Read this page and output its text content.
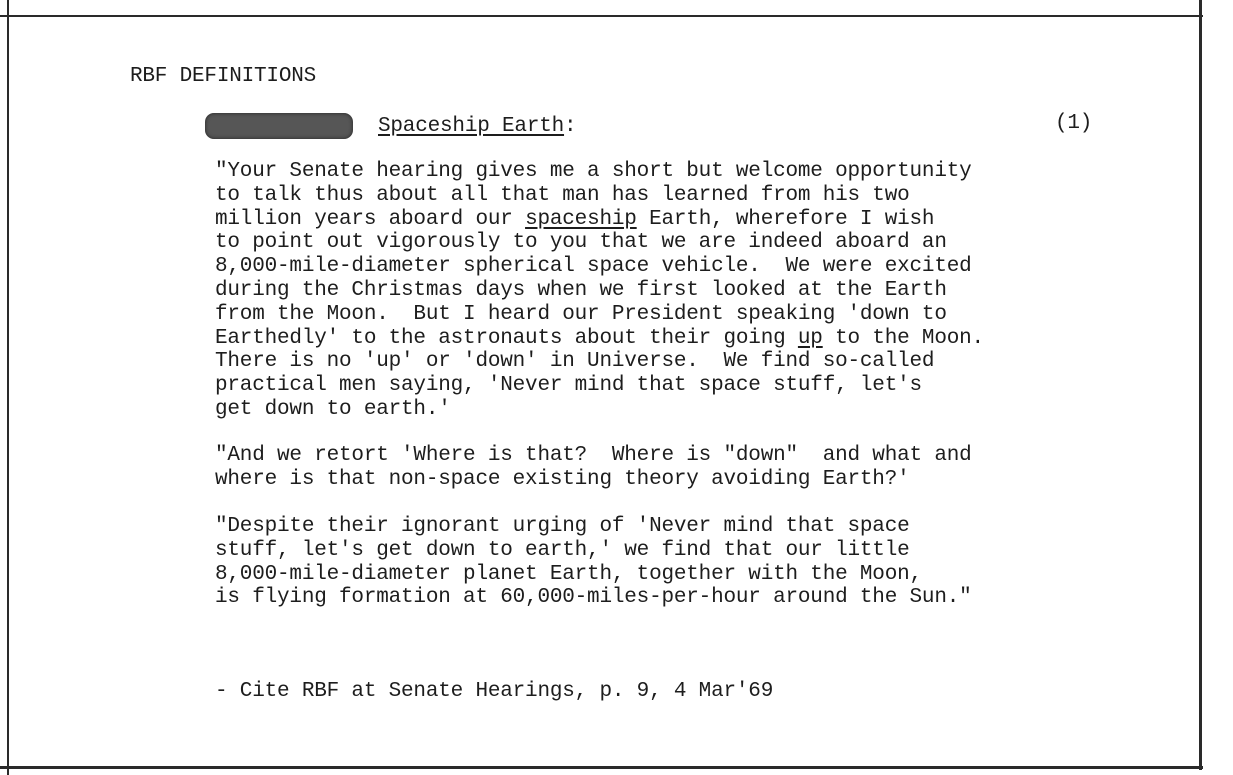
RBF DEFINITIONS
Spaceship Earth:	(1)
"Your Senate hearing gives me a short but welcome opportunity
to talk thus about all that man has learned from his two
million years aboard our spaceship Earth, wherefore I wish
to point out vigorously to you that we are indeed aboard an
8,000-mile-diameter spherical space vehicle.  We were excited
during the Christmas days when we first looked at the Earth
from the Moon.  But I heard our President speaking 'down to
Earthedly' to the astronauts about their going up to the Moon.
There is no 'up' or 'down' in Universe.  We find so-called
practical men saying, 'Never mind that space stuff, let's
get down to earth.'
"And we retort 'Where is that?  Where is "down"  and what and
where is that non-space existing theory avoiding Earth?'
"Despite their ignorant urging of 'Never mind that space
stuff, let's get down to earth,' we find that our little
8,000-mile-diameter planet Earth, together with the Moon,
is flying formation at 60,000-miles-per-hour around the Sun."
- Cite RBF at Senate Hearings, p. 9, 4 Mar'69
